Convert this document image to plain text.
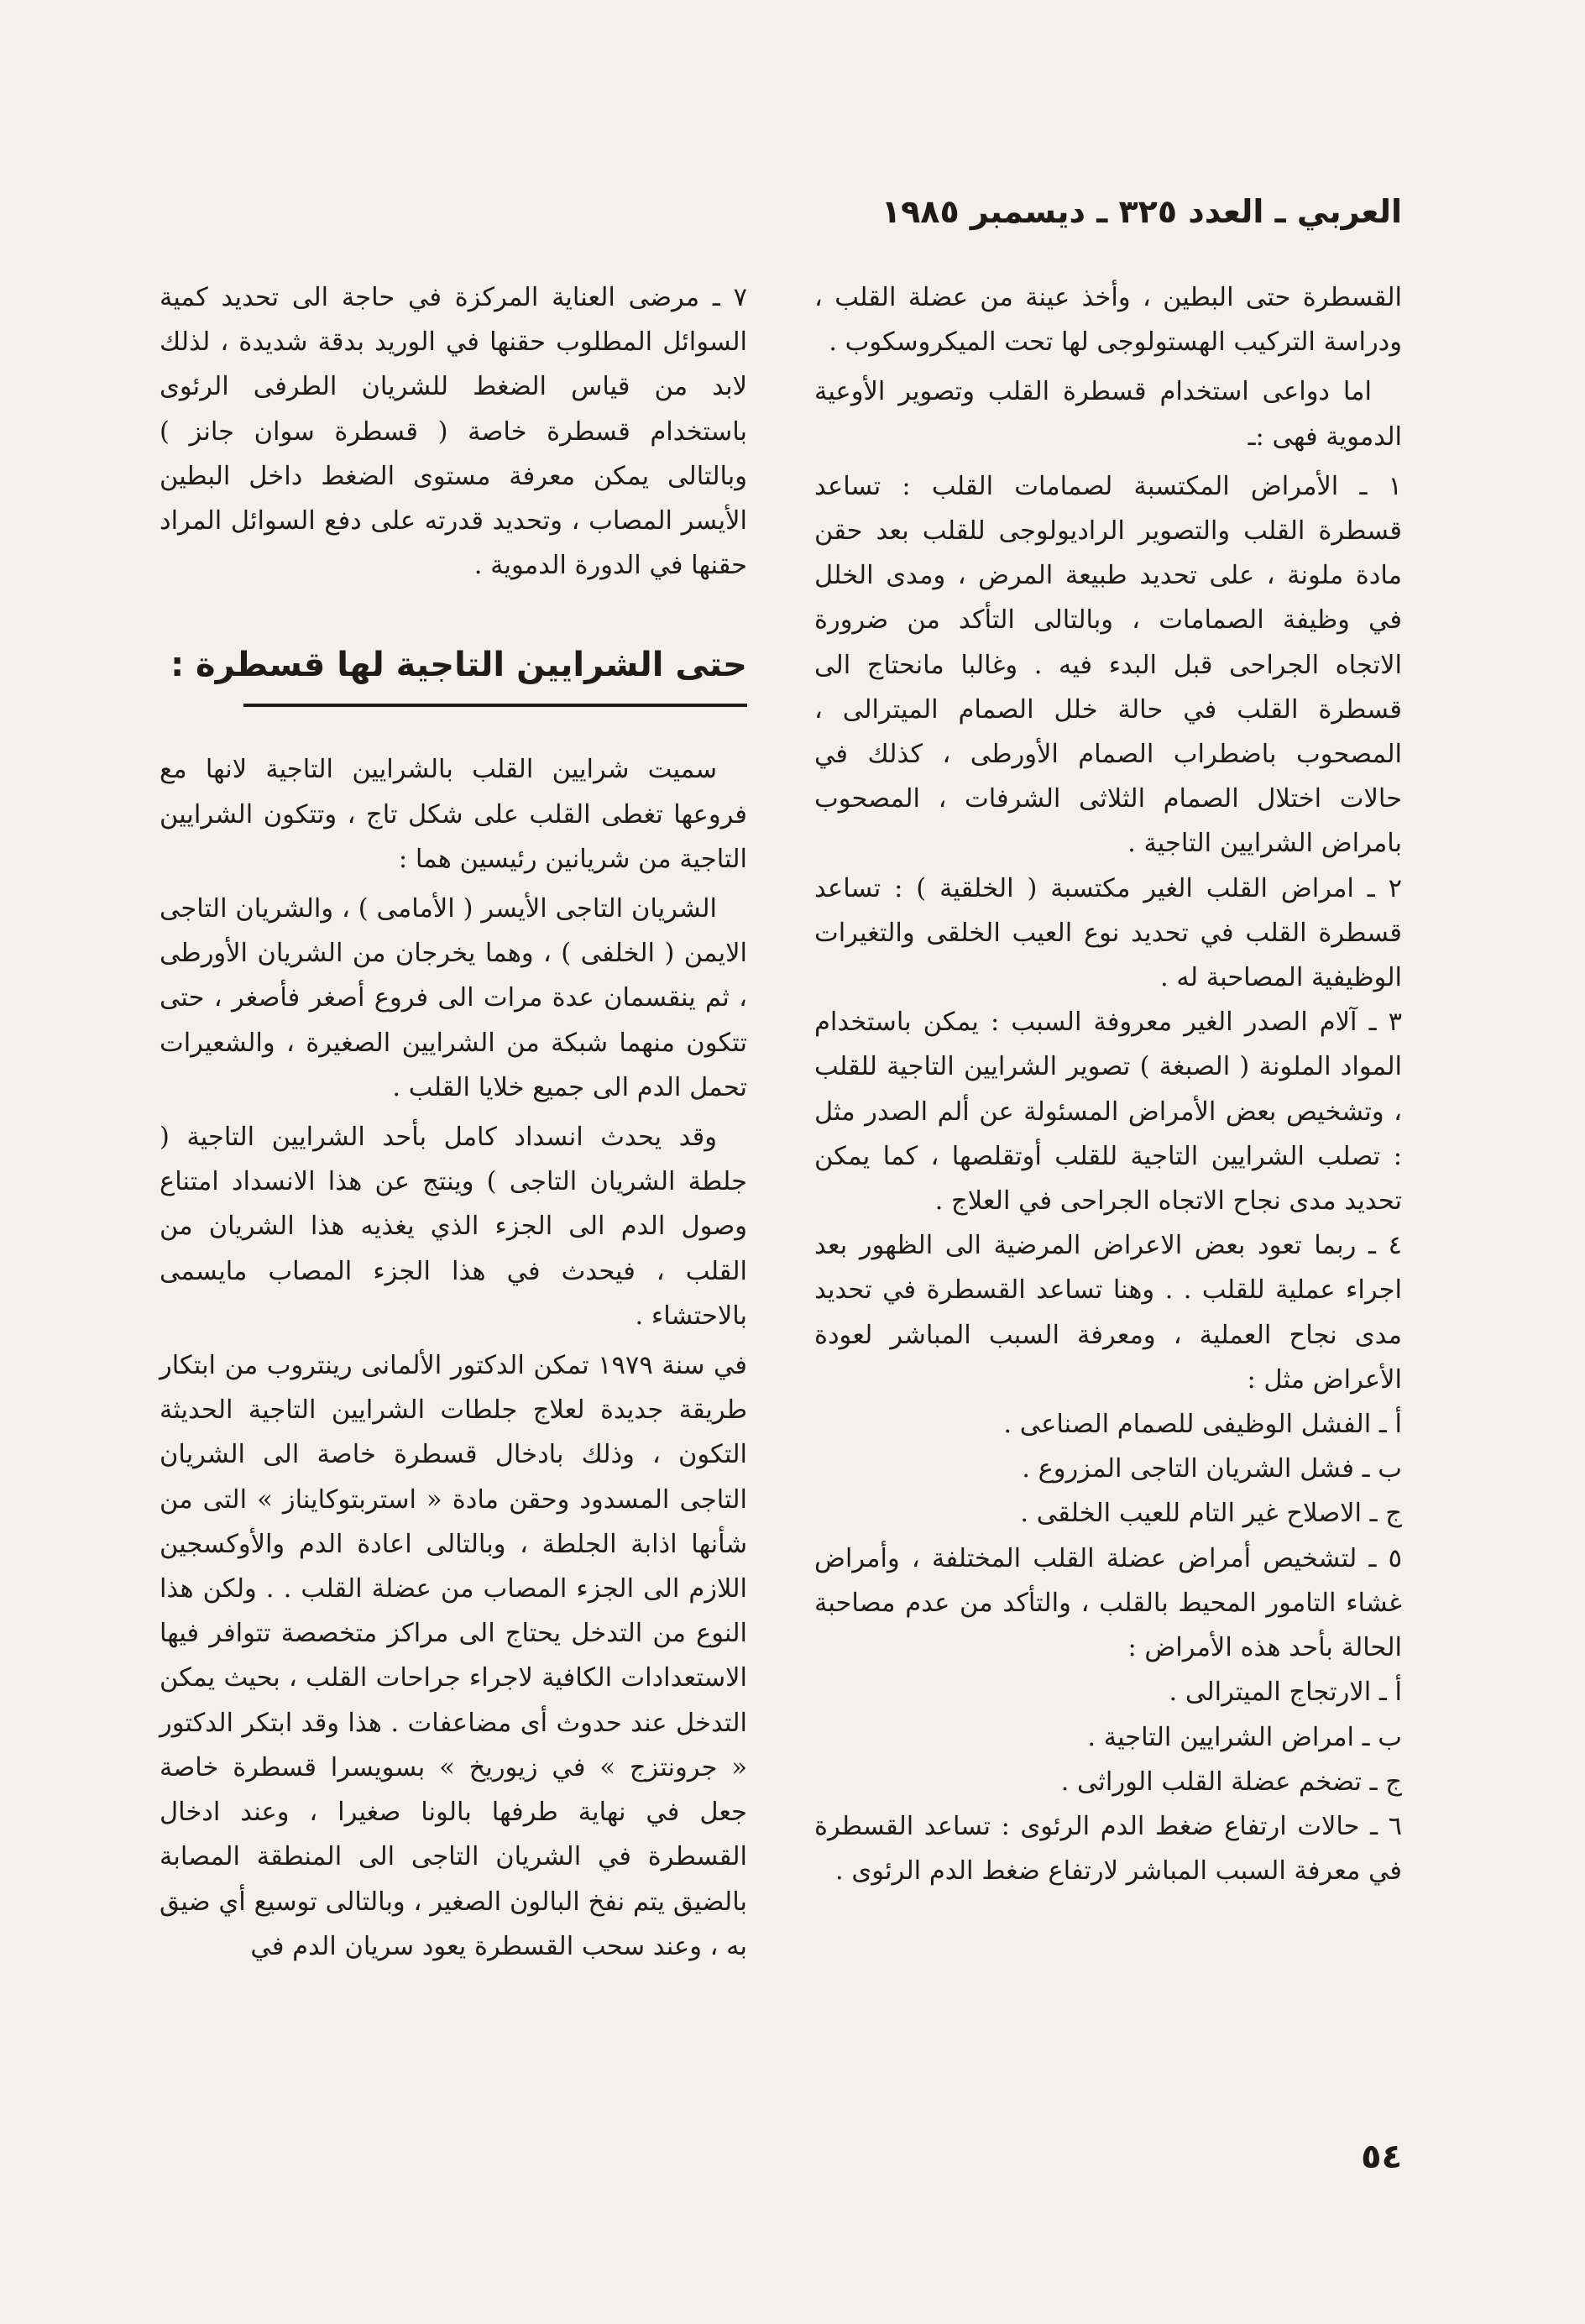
العربي ـ العدد ٣٢٥ ـ ديسمبر ١٩٨٥

القسطرة حتى البطين ، وأخذ عينة من عضلة القلب ، ودراسة التركيب الهستولوجى لها تحت الميكروسكوب .

اما دواعى استخدام قسطرة القلب وتصوير الأوعية الدموية فهى :ـ

١ ـ الأمراض المكتسبة لصمامات القلب : تساعد قسطرة القلب والتصوير الراديولوجى للقلب بعد حقن مادة ملونة ، على تحديد طبيعة المرض ، ومدى الخلل في وظيفة الصمامات ، وبالتالى التأكد من ضرورة الاتجاه الجراحى قبل البدء فيه . وغالبا مانحتاج الى قسطرة القلب في حالة خلل الصمام الميترالى ، المصحوب باضطراب الصمام الأورطى ، كذلك في حالات اختلال الصمام الثلاثى الشرفات ، المصحوب بامراض الشرايين التاجية .

٢ ـ امراض القلب الغير مكتسبة ( الخلقية ) : تساعد قسطرة القلب في تحديد نوع العيب الخلقى والتغيرات الوظيفية المصاحبة له .

٣ ـ آلام الصدر الغير معروفة السبب : يمكن باستخدام المواد الملونة ( الصبغة ) تصوير الشرايين التاجية للقلب ، وتشخيص بعض الأمراض المسئولة عن ألم الصدر مثل : تصلب الشرايين التاجية للقلب أوتقلصها ، كما يمكن تحديد مدى نجاح الاتجاه الجراحى في العلاج .

٤ ـ ربما تعود بعض الاعراض المرضية الى الظهور بعد اجراء عملية للقلب . . وهنا تساعد القسطرة في تحديد مدى نجاح العملية ، ومعرفة السبب المباشر لعودة الأعراض مثل :

أ ـ الفشل الوظيفى للصمام الصناعى .

ب ـ فشل الشريان التاجى المزروع .

ج ـ الاصلاح غير التام للعيب الخلقى .

٥ ـ لتشخيص أمراض عضلة القلب المختلفة ، وأمراض غشاء التامور المحيط بالقلب ، والتأكد من عدم مصاحبة الحالة بأحد هذه الأمراض :

أ ـ الارتجاج الميترالى .

ب ـ امراض الشرايين التاجية .

ج ـ تضخم عضلة القلب الوراثى .

٦ ـ حالات ارتفاع ضغط الدم الرئوى : تساعد القسطرة في معرفة السبب المباشر لارتفاع ضغط الدم الرئوى .

٧ ـ مرضى العناية المركزة في حاجة الى تحديد كمية السوائل المطلوب حقنها في الوريد بدقة شديدة ، لذلك لابد من قياس الضغط للشريان الطرفى الرئوى باستخدام قسطرة خاصة ( قسطرة سوان جانز ) وبالتالى يمكن معرفة مستوى الضغط داخل البطين الأيسر المصاب ، وتحديد قدرته على دفع السوائل المراد حقنها في الدورة الدموية .

حتى الشرايين التاجية لها قسطرة :

سميت شرايين القلب بالشرايين التاجية لانها مع فروعها تغطى القلب على شكل تاج ، وتتكون الشرايين التاجية من شريانين رئيسين هما :

الشريان التاجى الأيسر ( الأمامى ) ، والشريان التاجى الايمن ( الخلفى ) ، وهما يخرجان من الشريان الأورطى ، ثم ينقسمان عدة مرات الى فروع أصغر فأصغر ، حتى تتكون منهما شبكة من الشرايين الصغيرة ، والشعيرات تحمل الدم الى جميع خلايا القلب .

وقد يحدث انسداد كامل بأحد الشرايين التاجية ( جلطة الشريان التاجى ) وينتج عن هذا الانسداد امتناع وصول الدم الى الجزء الذي يغذيه هذا الشريان من القلب ، فيحدث في هذا الجزء المصاب مايسمى بالاحتشاء .

في سنة ١٩٧٩ تمكن الدكتور الألمانى رينتروب من ابتكار طريقة جديدة لعلاج جلطات الشرايين التاجية الحديثة التكون ، وذلك بادخال قسطرة خاصة الى الشريان التاجى المسدود وحقن مادة « استربتوكايناز » التى من شأنها اذابة الجلطة ، وبالتالى اعادة الدم والأوكسجين اللازم الى الجزء المصاب من عضلة القلب . . ولكن هذا النوع من التدخل يحتاج الى مراكز متخصصة تتوافر فيها الاستعدادات الكافية لاجراء جراحات القلب ، بحيث يمكن التدخل عند حدوث أى مضاعفات . هذا وقد ابتكر الدكتور « جرونتزج » في زيوريخ » بسويسرا قسطرة خاصة جعل في نهاية طرفها بالونا صغيرا ، وعند ادخال القسطرة في الشريان التاجى الى المنطقة المصابة بالضيق يتم نفخ البالون الصغير ، وبالتالى توسيع أي ضيق به ، وعند سحب القسطرة يعود سريان الدم في

٥٤
